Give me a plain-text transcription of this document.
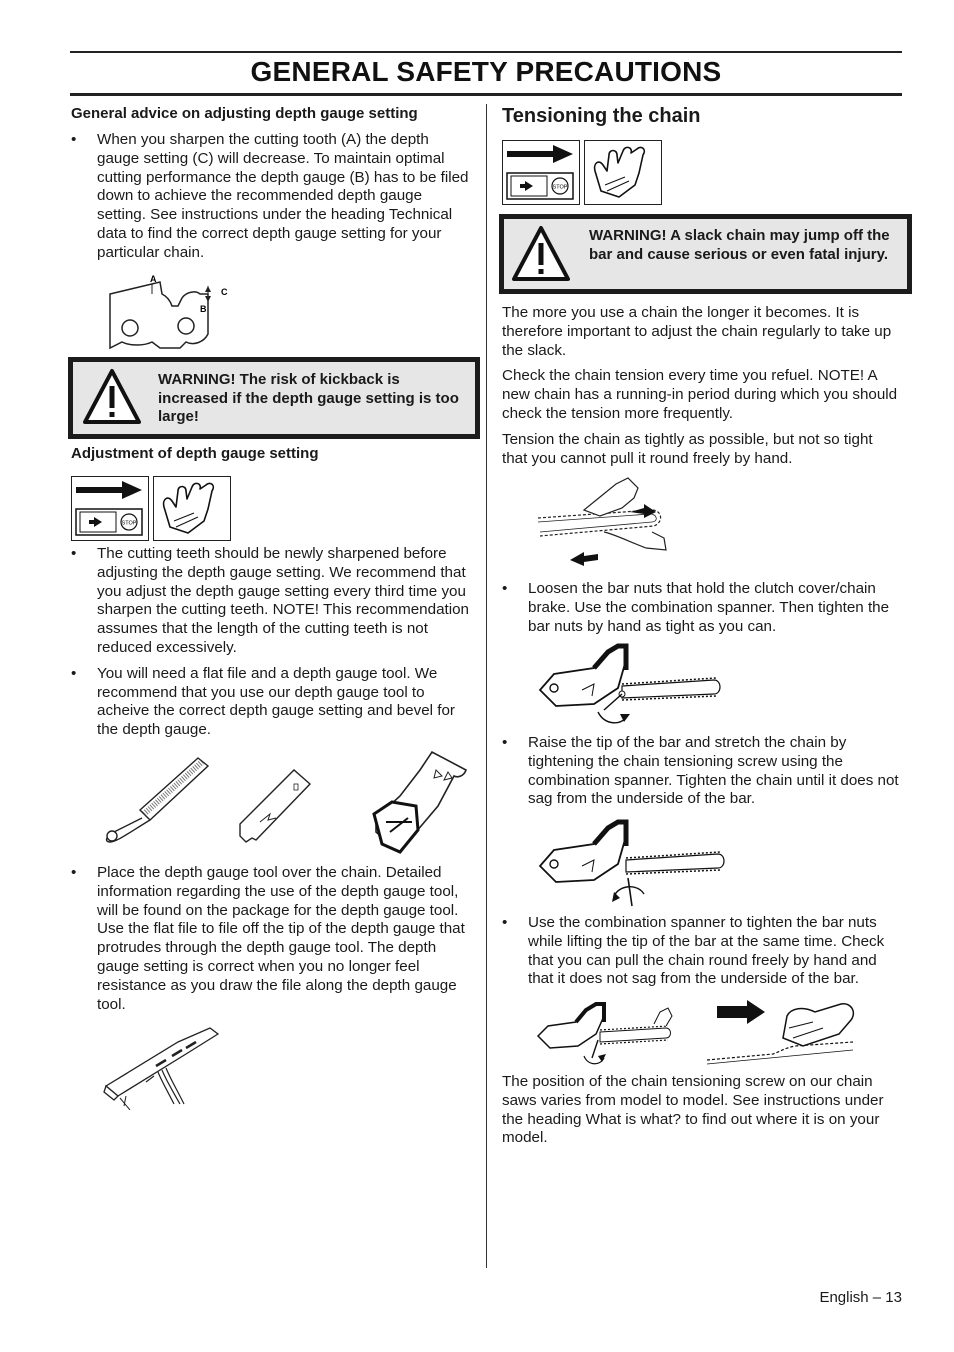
GENERAL SAFETY PRECAUTIONS
General advice on adjusting depth gauge setting
• When you sharpen the cutting tooth (A) the depth gauge setting (C) will decrease. To maintain optimal cutting performance the depth gauge (B) has to be filed down to achieve the recommended depth gauge setting. See instructions under the heading Technical data to find the correct depth gauge setting for your particular chain.
A
B
C
WARNING! The risk of kickback is increased if the depth gauge setting is too large!
Adjustment of depth gauge setting
STOP
• The cutting teeth should be newly sharpened before adjusting the depth gauge setting. We recommend that you adjust the depth gauge setting every third time you sharpen the cutting teeth. NOTE! This recommendation assumes that the length of the cutting teeth is not reduced excessively.
• You will need a flat file and a depth gauge tool. We recommend that you use our depth gauge tool to acheive the correct depth gauge setting and bevel for the depth gauge.
• Place the depth gauge tool over the chain. Detailed information regarding the use of the depth gauge tool, will be found on the package for the depth gauge tool. Use the flat file to file off the tip of the depth gauge that protrudes through the depth gauge tool. The depth gauge setting is correct when you no longer feel resistance as you draw the file along the depth gauge tool.
Tensioning the chain
STOP
WARNING! A slack chain may jump off the bar and cause serious or even fatal injury.

The more you use a chain the longer it becomes. It is therefore important to adjust the chain regularly to take up the slack.

Check the chain tension every time you refuel. NOTE! A new chain has a running-in period during which you should check the tension more frequently.

Tension the chain as tightly as possible, but not so tight that you cannot pull it round freely by hand.

• Loosen the bar nuts that hold the clutch cover/chain brake. Use the combination spanner. Then tighten the bar nuts by hand as tight as you can.
• Raise the tip of the bar and stretch the chain by tightening the chain tensioning screw using the combination spanner. Tighten the chain until it does not sag from the underside of the bar.
• Use the combination spanner to tighten the bar nuts while lifting the tip of the bar at the same time. Check that you can pull the chain round freely by hand and that it does not sag from the underside of the bar.

The position of the chain tensioning screw on our chain saws varies from model to model. See instructions under the heading What is what? to find out where it is on your model.

English – 13
